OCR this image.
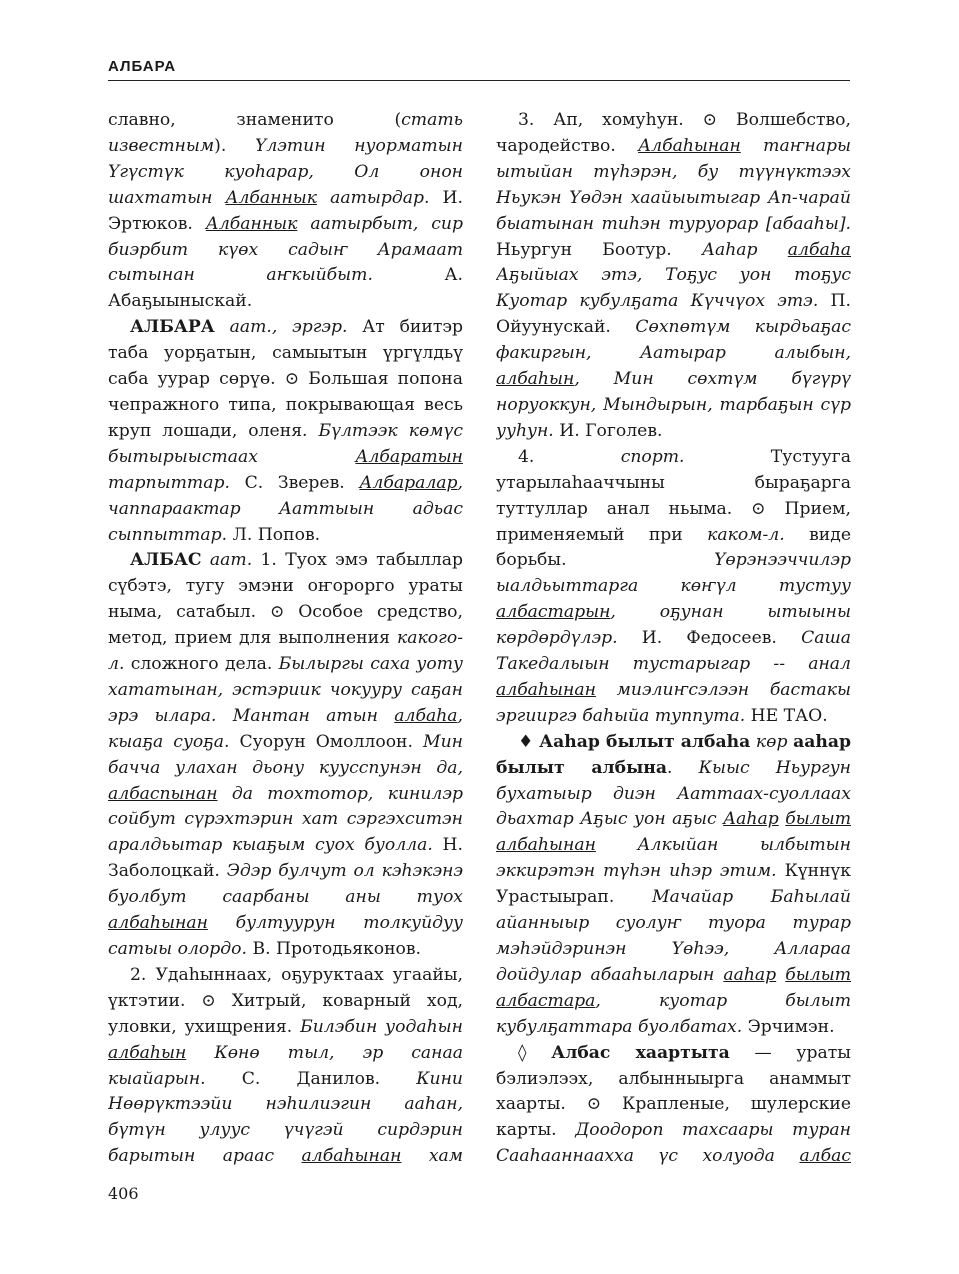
АЛБАРА

славно, знаменито (стать известным). Үлэтин нуорматын Үгүстүк куоһарар, Ол онон шахтатын Албаннык аатырдар. И. Эртюков. Албаннык аатырбыт, сир биэрбит күөх садыҥ Арамаат сытынан аҥкыйбыт. А. Абаҕыыныскай.

АЛБАРА аат., эргэр. Ат биитэр таба уорҕатын, самыытын үргүлдьү саба уурар сөрүө. ⊙ Большая попона чепражного типа, покрывающая весь круп лошади, оленя. Бүлтээк көмүс бытырыыстаах Албаратын тарпыттар. С. Зверев. Албаралар, чаппараактар Ааттыын адьас сыппыттар. Л. Попов.

АЛБАС аат. 1. Туох эмэ табыллар сүбэтэ, тугу эмэни оҥорорго ураты ныма, сатабыл. ⊙ Особое средство, метод, прием для выполнения какого-л. сложного дела. Былыргы саха уоту хататынан, эстэриик чокууру саҕан эрэ ылара. Мантан атын албаһа, кыаҕа суоҕа. Суорун Омоллоон. Мин бачча улахан дьону куусспунэн да, албаспынан да тохтотор, кинилэр сойбут сүрэхтэрин хат сэргэхситэн аралдьытар кыаҕым суох буолла. Н. Заболоцкай. Эдэр булчут ол кэһэкэнэ буолбут саарбаны аны туох албаһынан бултуурун толкуйдуу сатыы олордо. В. Протодьяконов.

2. Удаһыннаах, оҕуруктаах угаайы, үктэтии. ⊙ Хитрый, коварный ход, уловки, ухищрения. Билэбин уодаһын албаһын Көнө тыл, эр санаа кыайарын. С. Данилов. Кини Нөөрүктээйи нэһилиэгин ааһан, бүтүн улуус үчүгэй сирдэрин барытын араас албаһынан хам

3. Ап, хомуһун. ⊙ Волшебство, чародейство. Албаһынан таҥнары ытыйан түһэрэн, бу түүнүктээх Ньукэн Үөдэн хаайыытыгар Ап-чарай быатынан тиһэн туруорар [абааһы]. Ньургун Боотур. Ааһар албаһа Аҕыйыах этэ, Тоҕус уон тоҕус Куотар кубулҕата Күччүох этэ. П. Ойуунускай. Сөхпөтүм кырдьаҕас факиргын, Аатырар алыбын, албаһын, Мин сөхтүм бүгүрү норуоккун, Мындырын, тарбаҕын сүр ууһун. И. Гоголев.

4. спорт. Тустууга утарылаһааччыны быраҕарга туттуллар анал ньыма. ⊙ Прием, применяемый при каком-л. виде борьбы. Үөрэнээччилэр ыалдьыттарга көҥүл тустуу албастарын, оҕунан ытыыны көрдөрдүлэр. И. Федосеев. Саша Такедалыын тустарыгар -- анал албаһынан миэлиҥсэлээн бастакы эргииргэ баһыйа туппута. НЕ ТАО.

♦ Ааһар былыт албаһа көр ааһар былыт албына. Кыыс Ньургун бухатыыр диэн Ааттаах-суоллаах дьахтар Аҕыс уон аҕыс Ааһар былыт албаһынан Алкыйан ылбытын эккирэтэн түһэн иһэр этим. Күннүк Урастыырап. Мачайар Баһылай айанныыр суолуҥ туора турар мэһэйдэринэн Үөһээ, Аллараа дойдулар абааһыларын ааһар былыт албастара, куотар былыт кубулҕаттара буолбатах. Эрчимэн.

◊ Албас хаартыта — ураты бэлиэлээх, албынныырга анаммыт хаарты. ⊙ Крапленые, шулерские карты. Доодороп тахсаары туран Сааһааннаахха үс холуода албас

406
